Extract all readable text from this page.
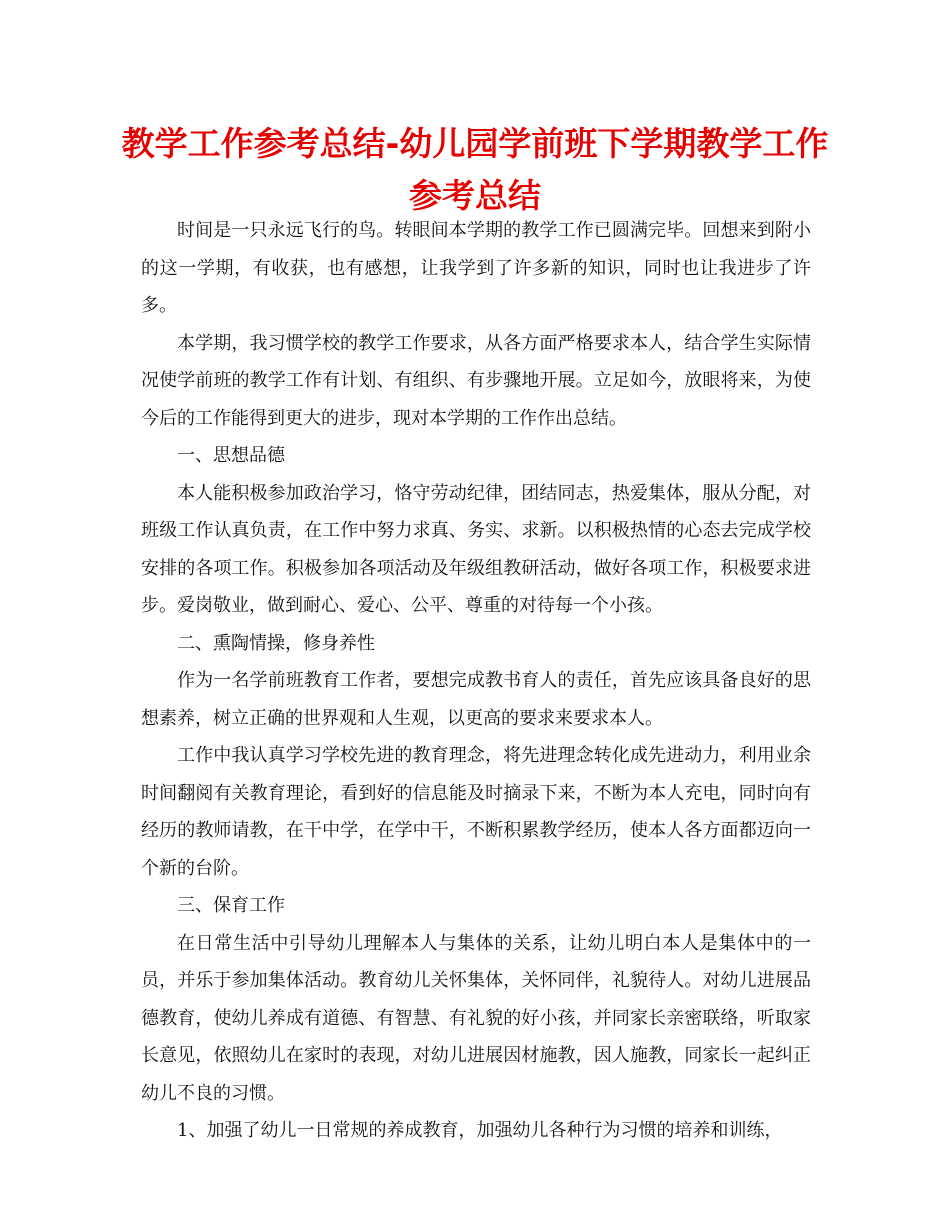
教学工作参考总结-幼儿园学前班下学期教学工作参考总结

时间是一只永远飞行的鸟。转眼间本学期的教学工作已圆满完毕。回想来到附小的这一学期，有收获，也有感想，让我学到了许多新的知识，同时也让我进步了许多。

本学期，我习惯学校的教学工作要求，从各方面严格要求本人，结合学生实际情况使学前班的教学工作有计划、有组织、有步骤地开展。立足如今，放眼将来，为使今后的工作能得到更大的进步，现对本学期的工作作出总结。

一、思想品德

本人能积极参加政治学习，恪守劳动纪律，团结同志，热爱集体，服从分配，对班级工作认真负责，在工作中努力求真、务实、求新。以积极热情的心态去完成学校安排的各项工作。积极参加各项活动及年级组教研活动，做好各项工作，积极要求进步。爱岗敬业，做到耐心、爱心、公平、尊重的对待每一个小孩。

二、熏陶情操，修身养性

作为一名学前班教育工作者，要想完成教书育人的责任，首先应该具备良好的思想素养，树立正确的世界观和人生观，以更高的要求来要求本人。

工作中我认真学习学校先进的教育理念，将先进理念转化成先进动力，利用业余时间翻阅有关教育理论，看到好的信息能及时摘录下来，不断为本人充电，同时向有经历的教师请教，在干中学，在学中干，不断积累教学经历，使本人各方面都迈向一个新的台阶。

三、保育工作

在日常生活中引导幼儿理解本人与集体的关系，让幼儿明白本人是集体中的一员，并乐于参加集体活动。教育幼儿关怀集体，关怀同伴，礼貌待人。对幼儿进展品德教育，使幼儿养成有道德、有智慧、有礼貌的好小孩，并同家长亲密联络，听取家长意见，依照幼儿在家时的表现，对幼儿进展因材施教，因人施教，同家长一起纠正幼儿不良的习惯。

1、加强了幼儿一日常规的养成教育，加强幼儿各种行为习惯的培养和训练，
